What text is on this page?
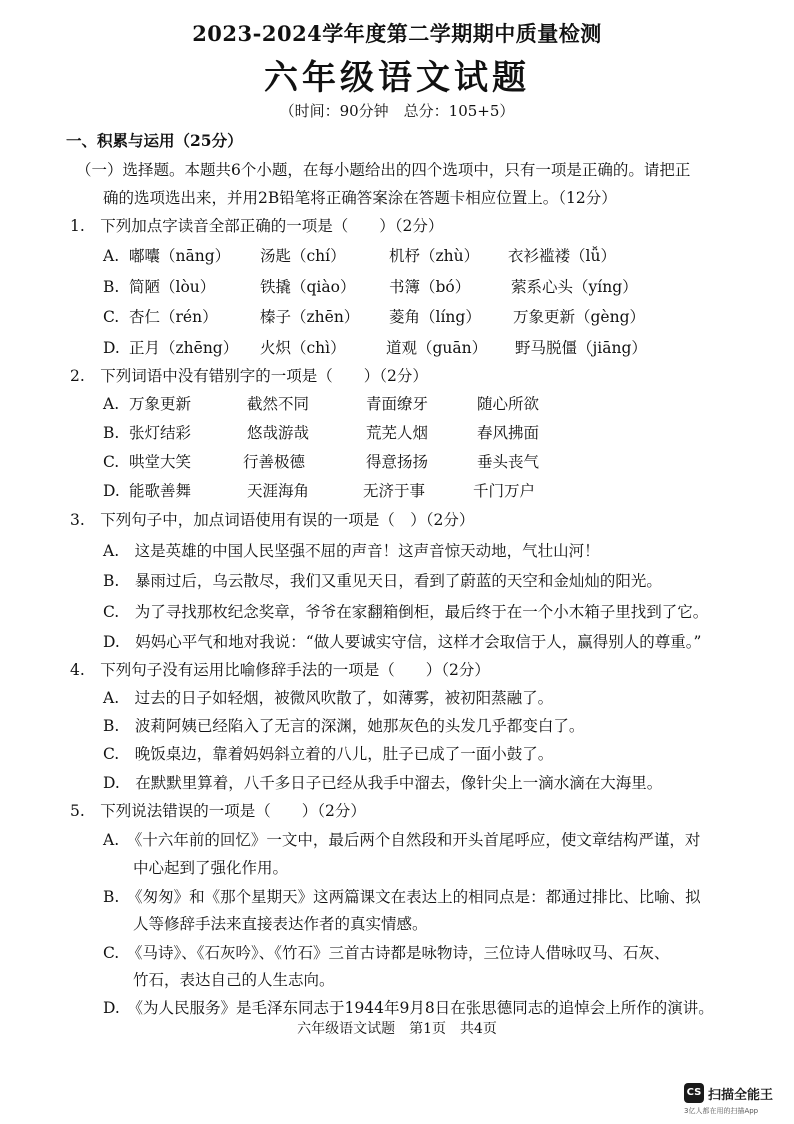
2023-2024学年度第二学期期中质量检测
六年级语文试题
（时间：90分钟　总分：105+5）
一、积累与运用（25分）
（一）选择题。本题共6个小题，在每小题给出的四个选项中，只有一项是正确的。请把正
确的选项选出来，并用2B铅笔将正确答案涂在答题卡相应位置上。（12分）
1.　下列加点字读音全部正确的一项是（　　）（2分）
A. 嘟囔（nāng） 汤匙（chí）	机杼（zhù） 衣衫褴褛（lǚ）
B. 简陋（lòu）	铁撬（qiào） 书簿（bó）	萦系心头（yíng）
C. 杏仁（rén）	榛子（zhēn） 菱角（líng） 万象更新（gèng）
D. 正月（zhēng） 火炽（chì）	道观（guān） 野马脱僵（jiāng）
2.　下列词语中没有错别字的一项是（　　）（2分）
A. 万象更新	截然不同	青面缭牙	随心所欲
B. 张灯结彩	悠哉游哉	荒芜人烟	春风拂面
C. 哄堂大笑	行善极德	得意扬扬	垂头丧气
D. 能歌善舞	天涯海角	无济于事	千门万户
3.　下列句子中，加点词语使用有误的一项是（　）（2分）
A.　这是英雄的中国人民坚强不屈的声音！这声音惊天动地，气壮山河！
B.　暴雨过后，乌云散尽，我们又重见天日，看到了蔚蓝的天空和金灿灿的阳光。
C.　为了寻找那枚纪念奖章，爷爷在家翻箱倒柜，最后终于在一个小木箱子里找到了它。
D.　妈妈心平气和地对我说：“做人要诚实守信，这样才会取信于人，赢得别人的尊重。”
4.　下列句子没有运用比喻修辞手法的一项是（　　）（2分）
A.　过去的日子如轻烟，被微风吹散了，如薄雾，被初阳蒸融了。
B.　波莉阿姨已经陷入了无言的深渊，她那灰色的头发几乎都变白了。
C.　晚饭桌边，靠着妈妈斜立着的八儿，肚子已成了一面小鼓了。
D.　在默默里算着，八千多日子已经从我手中溜去，像针尖上一滴水滴在大海里。
5.　下列说法错误的一项是（　　）（2分）
A.　《十六年前的回忆》一文中，最后两个自然段和开头首尾呼应，使文章结构严谨，对
中心起到了强化作用。
B.　《匆匆》和《那个星期天》这两篇课文在表达上的相同点是：都通过排比、比喻、拟
人等修辞手法来直接表达作者的真实情感。
C.　《马诗》、《石灰吟》、《竹石》三首古诗都是咏物诗，三位诗人借咏叹马、石灰、
竹石，表达自己的人生志向。
D.　《为人民服务》是毛泽东同志于1944年9月8日在张思德同志的追悼会上所作的演讲。
六年级语文试题　第1页　共4页
CS 扫描全能王
3亿人都在用的扫描App
